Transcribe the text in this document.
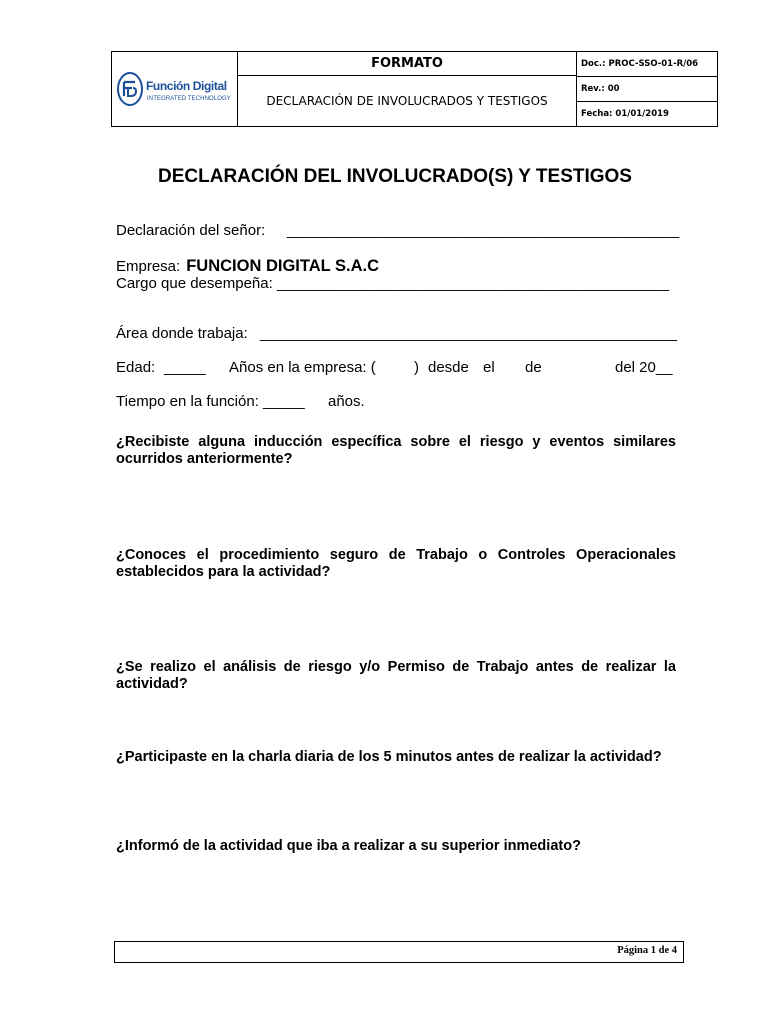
Función Digital
INTEGRATED TECHNOLOGY
FORMATO
DECLARACIÓN DE INVOLUCRADOS Y TESTIGOS
Doc.: PROC-SSO-01-R/06
Rev.: 00
Fecha: 01/01/2019
DECLARACIÓN DEL INVOLUCRADO(S) Y TESTIGOS
Declaración del señor: _______________________________________________
Empresa: FUNCION DIGITAL S.A.C
Cargo que desempeña: _______________________________________________
Área donde trabaja: __________________________________________________
Edad: _____ Años en la empresa: (	) desde el de	del 20__
Tiempo en la función: _____ años.
¿Recibiste alguna inducción específica sobre el riesgo y eventos similares ocurridos anteriormente?
¿Conoces el procedimiento seguro de Trabajo o Controles Operacionales establecidos para la actividad?
¿Se realizo el análisis de riesgo y/o Permiso de Trabajo antes de realizar la actividad?
¿Participaste en la charla diaria de los 5 minutos antes de realizar la actividad?
¿Informó de la actividad que iba a realizar a su superior inmediato?
Página 1 de 4
